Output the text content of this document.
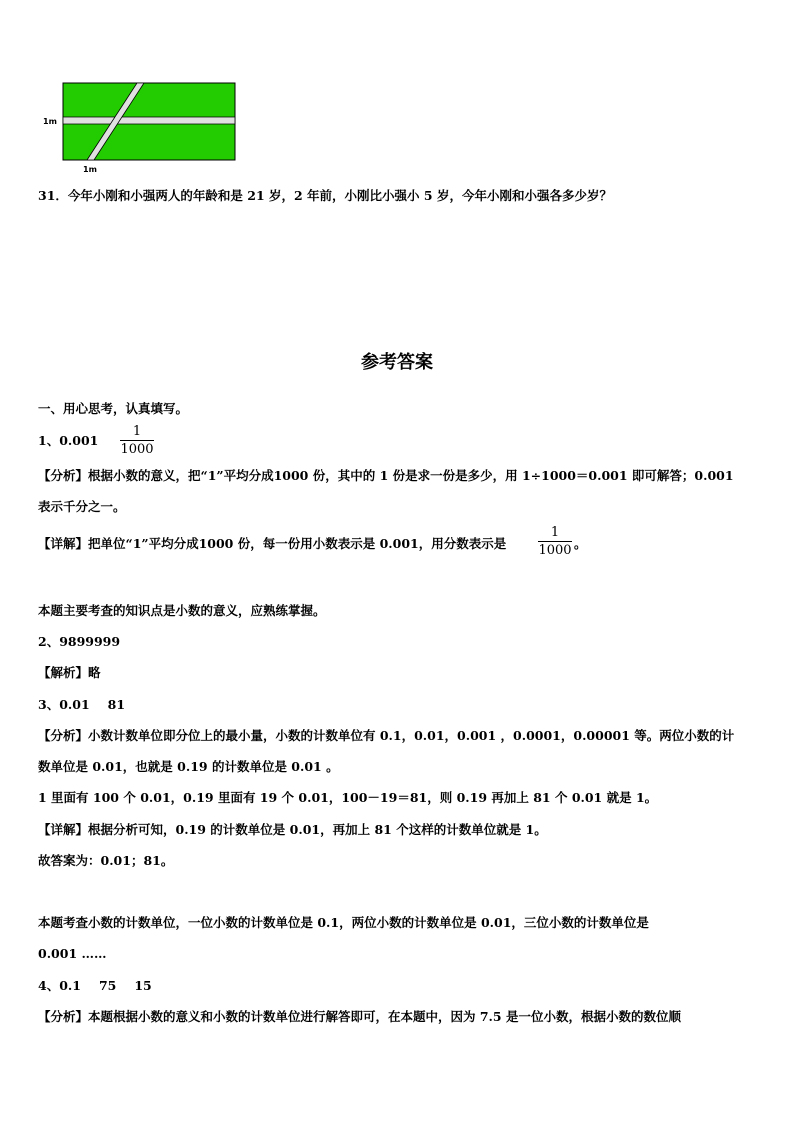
1m
1m
31．今年小刚和小强两人的年龄和是 21 岁，2 年前，小刚比小强小 5 岁，今年小刚和小强各多少岁？
参考答案
一、用心思考，认真填写。
1、0.001
1
1000
【分析】根据小数的意义，把“1”平均分成1000 份，其中的 1 份是求一份是多少，用 1÷1000＝0.001 即可解答；0.001
表示千分之一。
【详解】把单位“1”平均分成1000 份，每一份用小数表示是 0.001，用分数表示是
1
1000 。
本题主要考查的知识点是小数的意义，应熟练掌握。
2、9899999
【解析】略
3、0.01 81
【分析】小数计数单位即分位上的最小量，小数的计数单位有 0.1，0.01，0.001 ，0.0001，0.00001 等。两位小数的计
数单位是 0.01，也就是 0.19 的计数单位是 0.01 。
1 里面有 100 个 0.01，0.19 里面有 19 个 0.01，100－19＝81，则 0.19 再加上 81 个 0.01 就是 1。
【详解】根据分析可知，0.19 的计数单位是 0.01，再加上 81 个这样的计数单位就是 1。
故答案为：0.01；81。
本题考查小数的计数单位，一位小数的计数单位是 0.1，两位小数的计数单位是 0.01，三位小数的计数单位是
0.001 ……
4、0.1 75 15
【分析】本题根据小数的意义和小数的计数单位进行解答即可，在本题中，因为 7.5 是一位小数，根据小数的数位顺
